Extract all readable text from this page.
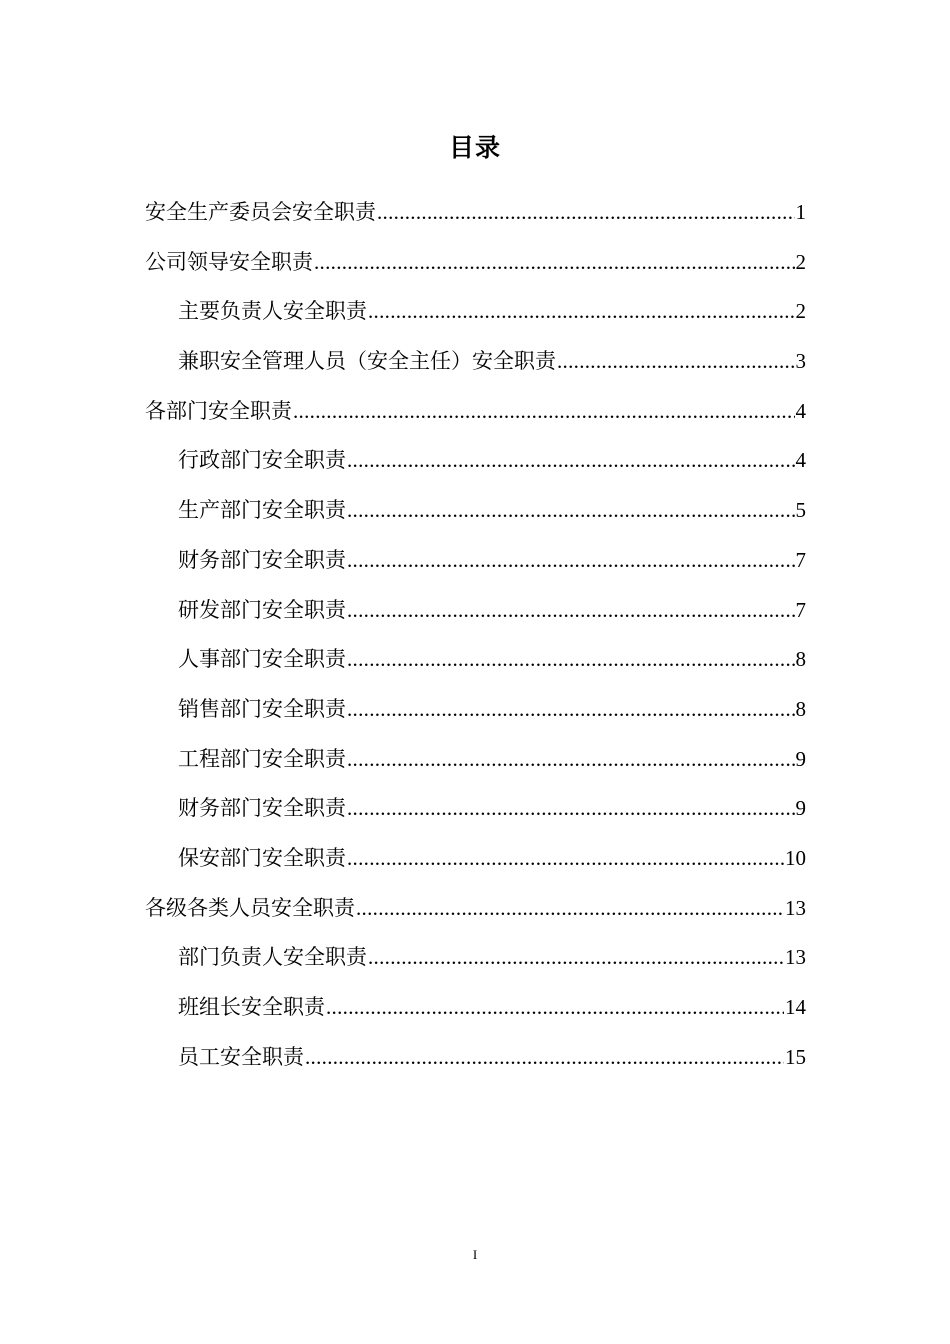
目录
安全生产委员会安全职责 .....	1
公司领导安全职责 .....	2
主要负责人安全职责 .....	2
兼职安全管理人员（安全主任）安全职责 .....	3
各部门安全职责 .....	4
行政部门安全职责 .....	4
生产部门安全职责 .....	5
财务部门安全职责 .....	7
研发部门安全职责 .....	7
人事部门安全职责 .....	8
销售部门安全职责 .....	8
工程部门安全职责 .....	9
财务部门安全职责 .....	9
保安部门安全职责 .....	10
各级各类人员安全职责 .....	13
部门负责人安全职责 .....	13
班组长安全职责 .....	14
员工安全职责 .....	15
I
